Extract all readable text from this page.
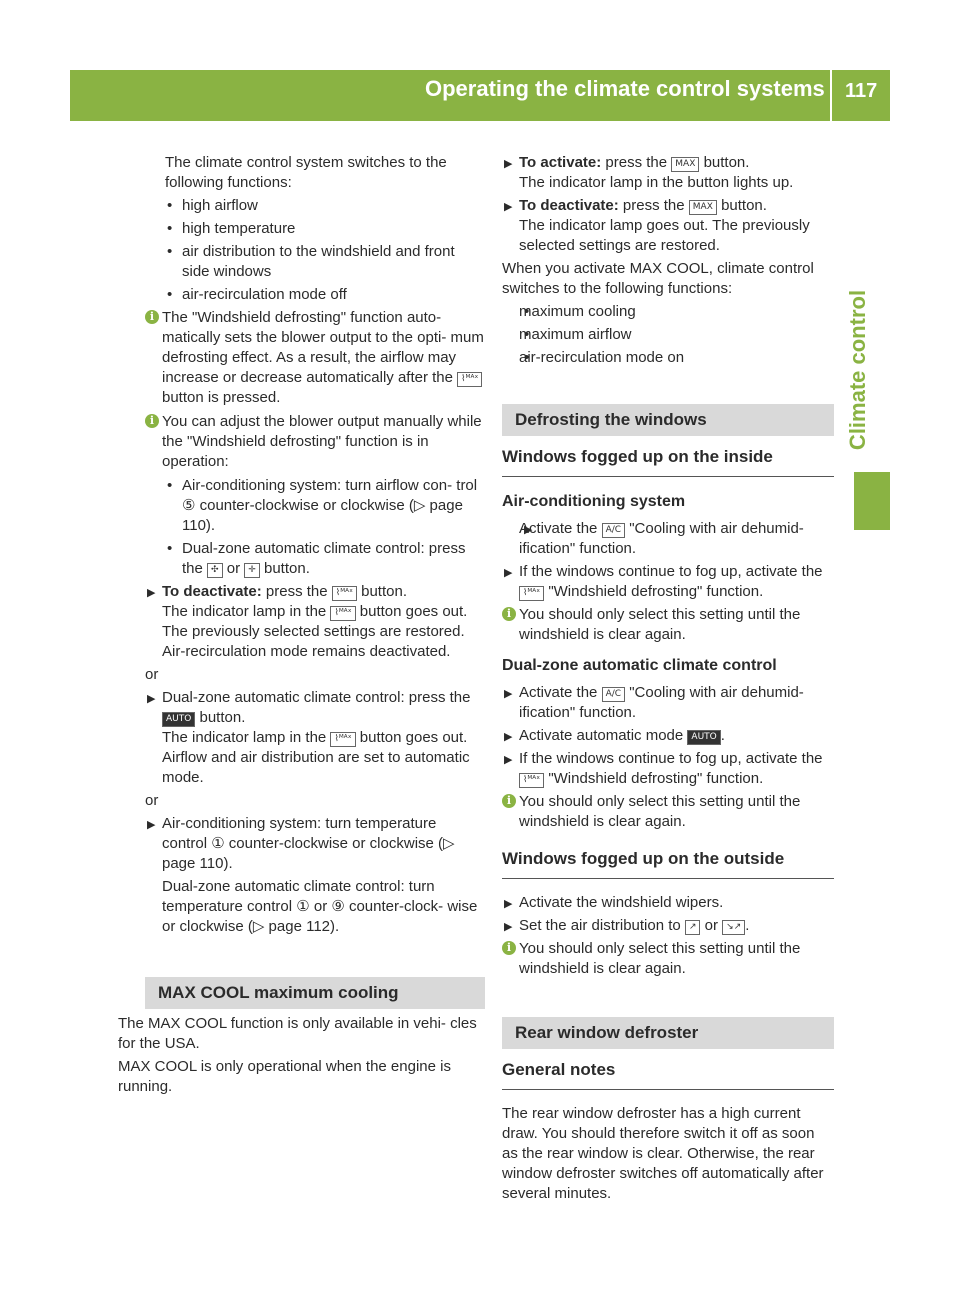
Operating the climate control systems 117
Climate control

The climate control system switches to the following functions:

• high airflow
• high temperature
• air distribution to the windshield and front side windows
• air-recirculation mode off
i The "Windshield defrosting" function auto- matically sets the blower output to the opti- mum defrosting effect. As a result, the airflow may increase or decrease automatically after the ⌇ᴹᴬˣ button is pressed.
i You can adjust the blower output manually while the "Windshield defrosting" function is in operation:
• Air-conditioning system: turn airflow con- trol ⑤ counter-clockwise or clockwise (▷ page 110).
• Dual-zone automatic climate control: press the ✣ or ✛ button.
▶ To deactivate: press the ⌇ᴹᴬˣ button.
The indicator lamp in the ⌇ᴹᴬˣ button goes out. The previously selected settings are restored. Air-recirculation mode remains deactivated.

or

▶ Dual-zone automatic climate control: press the AUTO button.
The indicator lamp in the ⌇ᴹᴬˣ button goes out. Airflow and air distribution are set to automatic mode.

or

▶ Air-conditioning system: turn temperature control ① counter-clockwise or clockwise (▷ page 110).

Dual-zone automatic climate control: turn temperature control ① or ⑨ counter-clock- wise or clockwise (▷ page 112).

MAX COOL maximum cooling

The MAX COOL function is only available in vehi- cles for the USA.

MAX COOL is only operational when the engine is running.

▶ To activate: press the MAX button.
The indicator lamp in the button lights up.
▶ To deactivate: press the MAX button.
The indicator lamp goes out. The previously selected settings are restored.

When you activate MAX COOL, climate control switches to the following functions:

• maximum cooling
• maximum airflow
• air-recirculation mode on
Defrosting the windows
Windows fogged up on the inside
Air-conditioning system
▶ Activate the A/C "Cooling with air dehumid- ification" function.
▶ If the windows continue to fog up, activate the ⌇ᴹᴬˣ "Windshield defrosting" function.
i You should only select this setting until the windshield is clear again.
Dual-zone automatic climate control
▶ Activate the A/C "Cooling with air dehumid- ification" function.
▶ Activate automatic mode AUTO .
▶ If the windows continue to fog up, activate the ⌇ᴹᴬˣ "Windshield defrosting" function.
i You should only select this setting until the windshield is clear again.
Windows fogged up on the outside
▶ Activate the windshield wipers.
▶ Set the air distribution to ↗ or ↘↗ .
i You should only select this setting until the windshield is clear again.
Rear window defroster
General notes

The rear window defroster has a high current draw. You should therefore switch it off as soon as the rear window is clear. Otherwise, the rear window defroster switches off automatically after several minutes.
